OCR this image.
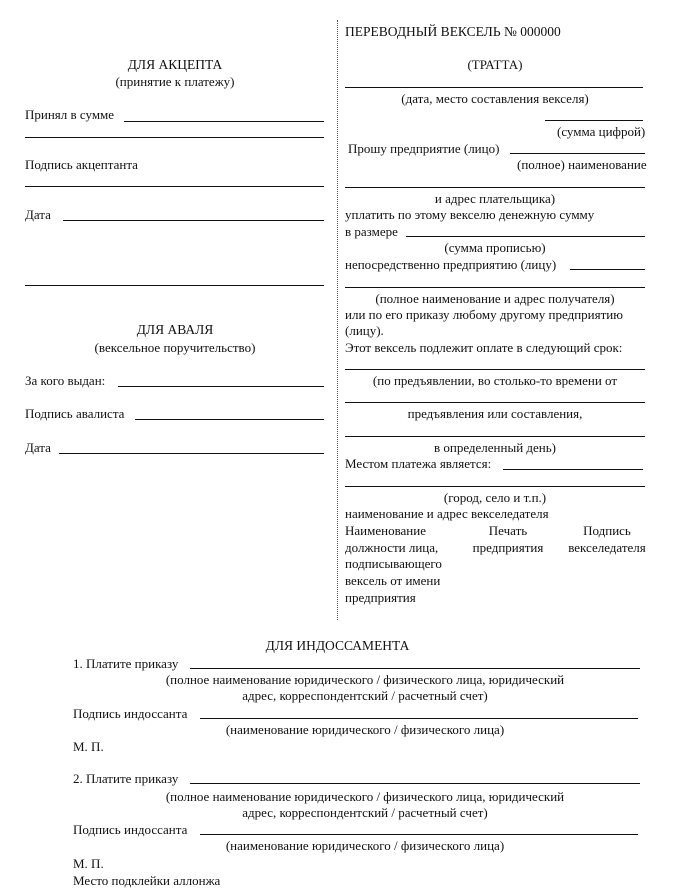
ДЛЯ АКЦЕПТА
(принятие к платежу)
Принял в сумме
Подпись акцептанта
Дата
ДЛЯ АВАЛЯ
(вексельное поручительство)
За кого выдан:
Подпись авалиста
Дата
ПЕРЕВОДНЫЙ ВЕКСЕЛЬ № 000000
(ТРАТТА)
(дата, место составления векселя)
(сумма цифрой)
Прошу предприятие (лицо)
(полное) наименование
и адрес плательщика)
уплатить по этому векселю денежную сумму
в размере
(сумма прописью)
непосредственно предприятию (лицу)
(полное наименование и адрес получателя)
или по его приказу любому другому предприятию
(лицу).
Этот вексель подлежит оплате в следующий срок:
(по предъявлении, во столько-то времени от
предъявления или составления,
в определенный день)
Местом платежа является:
(город, село и т.п.)
наименование и адрес векселедателя
Наименование
должности лица,
подписывающего
вексель от имени
предприятия
Печать
предприятия
Подпись
векселедателя
ДЛЯ ИНДОССАМЕНТА
1. Платите приказу
(полное наименование юридического / физического лица, юридический
адрес, корреспондентский / расчетный счет)
Подпись индоссанта
(наименование юридического / физического лица)
М. П.
2. Платите приказу
(полное наименование юридического / физического лица, юридический
адрес, корреспондентский / расчетный счет)
Подпись индоссанта
(наименование юридического / физического лица)
М. П.
Место подклейки аллонжа
